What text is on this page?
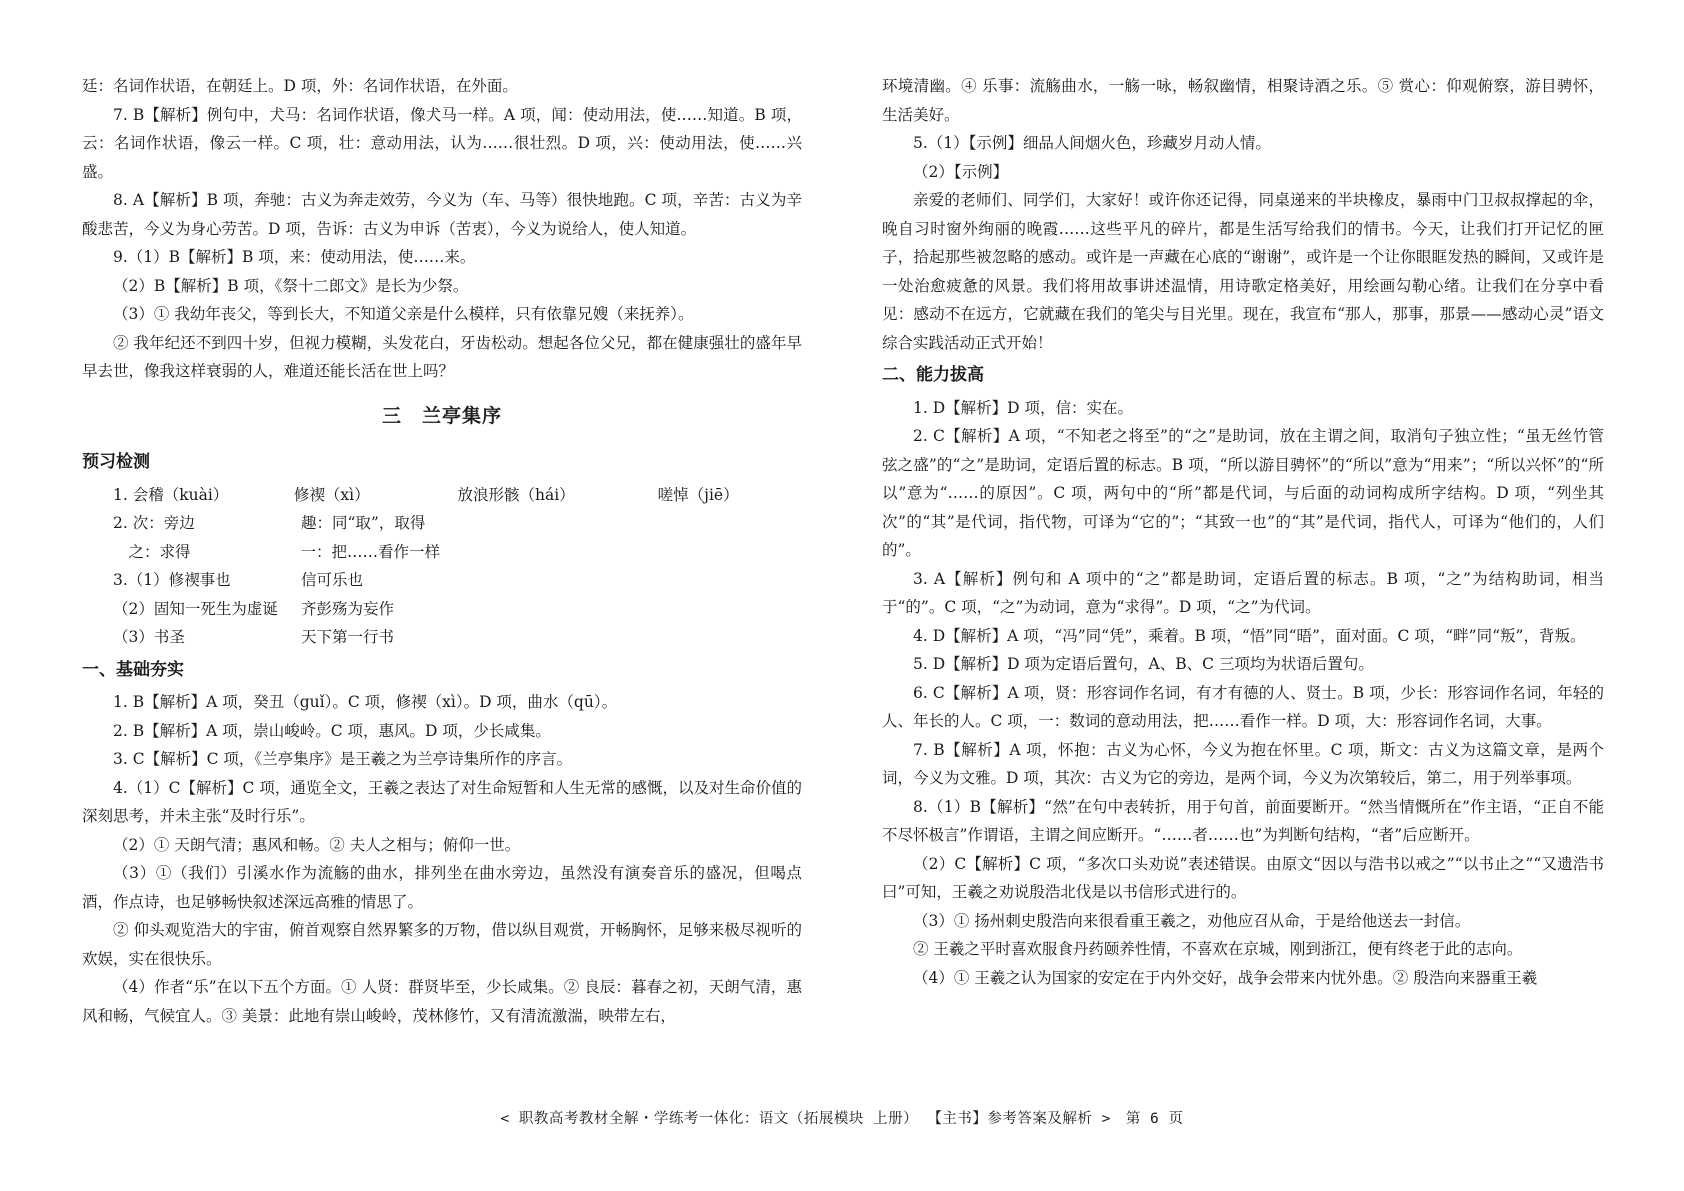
廷：名词作状语，在朝廷上。D 项，外：名词作状语，在外面。

7. B【解析】例句中，犬马：名词作状语，像犬马一样。A 项，闻：使动用法，使……知道。B 项，云：名词作状语，像云一样。C 项，壮：意动用法，认为……很壮烈。D 项，兴：使动用法，使……兴盛。

8. A【解析】B 项，奔驰：古义为奔走效劳，今义为（车、马等）很快地跑。C 项，辛苦：古义为辛酸悲苦，今义为身心劳苦。D 项，告诉：古义为申诉（苦衷），今义为说给人，使人知道。

9.（1）B【解析】B 项，来：使动用法，使……来。

（2）B【解析】B 项，《祭十二郎文》是长为少祭。

（3）① 我幼年丧父，等到长大，不知道父亲是什么模样，只有依靠兄嫂（来抚养）。

② 我年纪还不到四十岁，但视力模糊，头发花白，牙齿松动。想起各位父兄，都在健康强壮的盛年早早去世，像我这样衰弱的人，难道还能长活在世上吗？

三　兰亭集序
预习检测
1. 会稽（kuài）	修禊（xì）	放浪形骸（hái）	嗟悼（jiē）
2. 次：旁边	趣：同“取”，取得
之：求得	一：把……看作一样
3.（1）修禊事也	信可乐也
（2）固知一死生为虚诞	齐彭殇为妄作
（3）书圣	天下第一行书
一、基础夯实

1. B【解析】A 项，癸丑（guǐ）。C 项，修禊（xì）。D 项，曲水（qū）。

2. B【解析】A 项，崇山峻岭。C 项，惠风。D 项，少长咸集。

3. C【解析】C 项，《兰亭集序》是王羲之为兰亭诗集所作的序言。

4.（1）C【解析】C 项，通览全文，王羲之表达了对生命短暂和人生无常的感慨，以及对生命价值的深刻思考，并未主张“及时行乐”。

（2）① 天朗气清；惠风和畅。② 夫人之相与；俯仰一世。

（3）①（我们）引溪水作为流觞的曲水，排列坐在曲水旁边，虽然没有演奏音乐的盛况，但喝点酒，作点诗，也足够畅快叙述深远高雅的情思了。

② 仰头观览浩大的宇宙，俯首观察自然界繁多的万物，借以纵目观赏，开畅胸怀，足够来极尽视听的欢娱，实在很快乐。

（4）作者“乐”在以下五个方面。① 人贤：群贤毕至，少长咸集。② 良辰：暮春之初，天朗气清，惠风和畅，气候宜人。③ 美景：此地有崇山峻岭，茂林修竹，又有清流激湍，映带左右，

环境清幽。④ 乐事：流觞曲水，一觞一咏，畅叙幽情，相聚诗酒之乐。⑤ 赏心：仰观俯察，游目骋怀，生活美好。

5.（1）【示例】细品人间烟火色，珍藏岁月动人情。

（2）【示例】

亲爱的老师们、同学们，大家好！或许你还记得，同桌递来的半块橡皮，暴雨中门卫叔叔撑起的伞，晚自习时窗外绚丽的晚霞……这些平凡的碎片，都是生活写给我们的情书。今天，让我们打开记忆的匣子，拾起那些被忽略的感动。或许是一声藏在心底的“谢谢”，或许是一个让你眼眶发热的瞬间，又或许是一处治愈疲惫的风景。我们将用故事讲述温情，用诗歌定格美好，用绘画勾勒心绪。让我们在分享中看见：感动不在远方，它就藏在我们的笔尖与目光里。现在，我宣布“那人，那事，那景——感动心灵”语文综合实践活动正式开始！

二、能力拔高

1. D【解析】D 项，信：实在。

2. C【解析】A 项，“不知老之将至”的“之”是助词，放在主谓之间，取消句子独立性；“虽无丝竹管弦之盛”的“之”是助词，定语后置的标志。B 项，“所以游目骋怀”的“所以”意为“用来”；“所以兴怀”的“所以”意为“……的原因”。C 项，两句中的“所”都是代词，与后面的动词构成所字结构。D 项，“列坐其次”的“其”是代词，指代物，可译为“它的”；“其致一也”的“其”是代词，指代人，可译为“他们的，人们的”。

3. A【解析】例句和 A 项中的“之”都是助词，定语后置的标志。B 项，“之”为结构助词，相当于“的”。C 项，“之”为动词，意为“求得”。D 项，“之”为代词。

4. D【解析】A 项，“冯”同“凭”，乘着。B 项，“悟”同“晤”，面对面。C 项，“畔”同“叛”，背叛。

5. D【解析】D 项为定语后置句，A、B、C 三项均为状语后置句。

6. C【解析】A 项，贤：形容词作名词，有才有德的人、贤士。B 项，少长：形容词作名词，年轻的人、年长的人。C 项，一：数词的意动用法，把……看作一样。D 项，大：形容词作名词，大事。

7. B【解析】A 项，怀抱：古义为心怀，今义为抱在怀里。C 项，斯文：古义为这篇文章，是两个词，今义为文雅。D 项，其次：古义为它的旁边，是两个词，今义为次第较后，第二，用于列举事项。

8.（1）B【解析】“然”在句中表转折，用于句首，前面要断开。“然当情慨所在”作主语，“正自不能不尽怀极言”作谓语，主谓之间应断开。“……者……也”为判断句结构，“者”后应断开。

（2）C【解析】C 项，“多次口头劝说”表述错误。由原文“因以与浩书以戒之”“以书止之”“又遗浩书曰”可知，王羲之劝说殷浩北伐是以书信形式进行的。

（3）① 扬州刺史殷浩向来很看重王羲之，劝他应召从命，于是给他送去一封信。

② 王羲之平时喜欢服食丹药颐养性情，不喜欢在京城，刚到浙江，便有终老于此的志向。

（4）① 王羲之认为国家的安定在于内外交好，战争会带来内忧外患。② 殷浩向来器重王羲

< 职教高考教材全解・学练考一体化：语文（拓展模块 上册） 【主书】参考答案及解析 >　第 6 页
